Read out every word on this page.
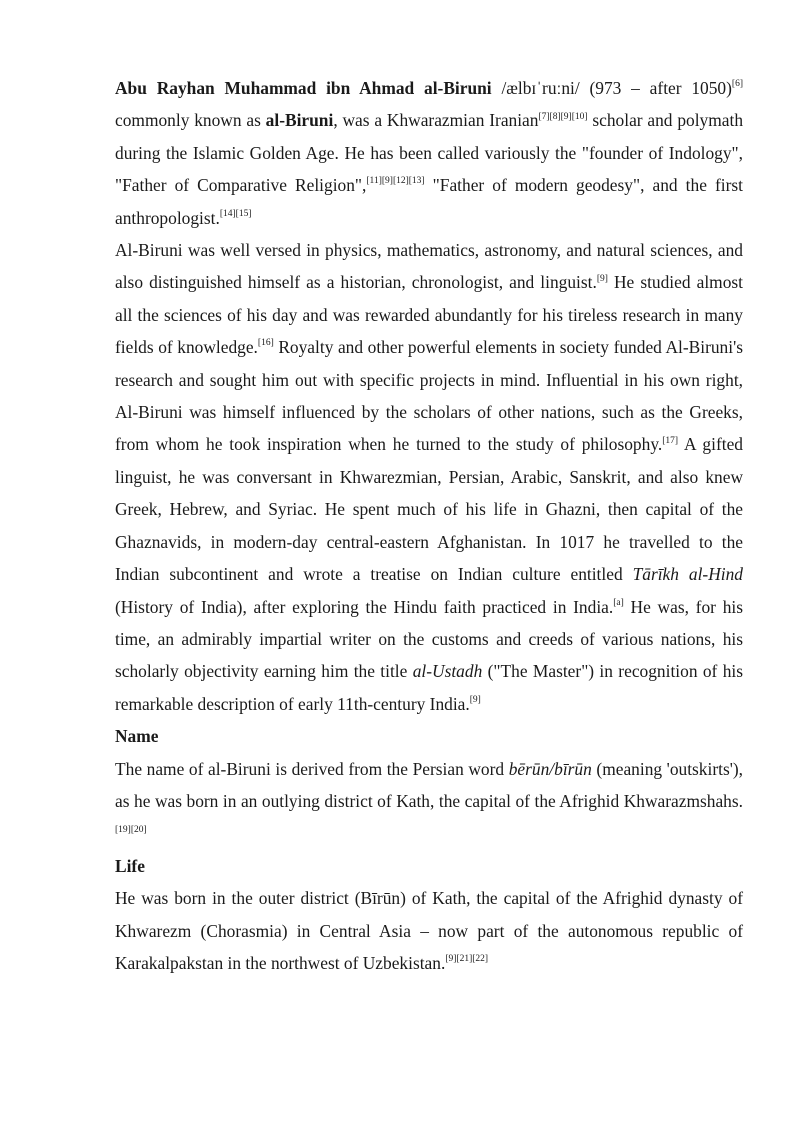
Abu Rayhan Muhammad ibn Ahmad al-Biruni /ælbɪˈruːni/ (973 – after 1050)[6] commonly known as al-Biruni, was a Khwarazmian Iranian[7][8][9][10] scholar and polymath during the Islamic Golden Age. He has been called variously the "founder of Indology", "Father of Comparative Religion",[11][9][12][13] "Father of modern geodesy", and the first anthropologist.[14][15]

Al-Biruni was well versed in physics, mathematics, astronomy, and natural sciences, and also distinguished himself as a historian, chronologist, and linguist.[9] He studied almost all the sciences of his day and was rewarded abundantly for his tireless research in many fields of knowledge.[16] Royalty and other powerful elements in society funded Al-Biruni's research and sought him out with specific projects in mind. Influential in his own right, Al-Biruni was himself influenced by the scholars of other nations, such as the Greeks, from whom he took inspiration when he turned to the study of philosophy.[17] A gifted linguist, he was conversant in Khwarezmian, Persian, Arabic, Sanskrit, and also knew Greek, Hebrew, and Syriac. He spent much of his life in Ghazni, then capital of the Ghaznavids, in modern-day central-eastern Afghanistan. In 1017 he travelled to the Indian subcontinent and wrote a treatise on Indian culture entitled Tārīkh al-Hind (History of India), after exploring the Hindu faith practiced in India.[a] He was, for his time, an admirably impartial writer on the customs and creeds of various nations, his scholarly objectivity earning him the title al-Ustadh ("The Master") in recognition of his remarkable description of early 11th-century India.[9]

Name

The name of al-Biruni is derived from the Persian word bērūn/bīrūn (meaning 'outskirts'), as he was born in an outlying district of Kath, the capital of the Afrighid Khwarazmshahs.[19][20]

Life

He was born in the outer district (Bīrūn) of Kath, the capital of the Afrighid dynasty of Khwarezm (Chorasmia) in Central Asia – now part of the autonomous republic of Karakalpakstan in the northwest of Uzbekistan.[9][21][22]
